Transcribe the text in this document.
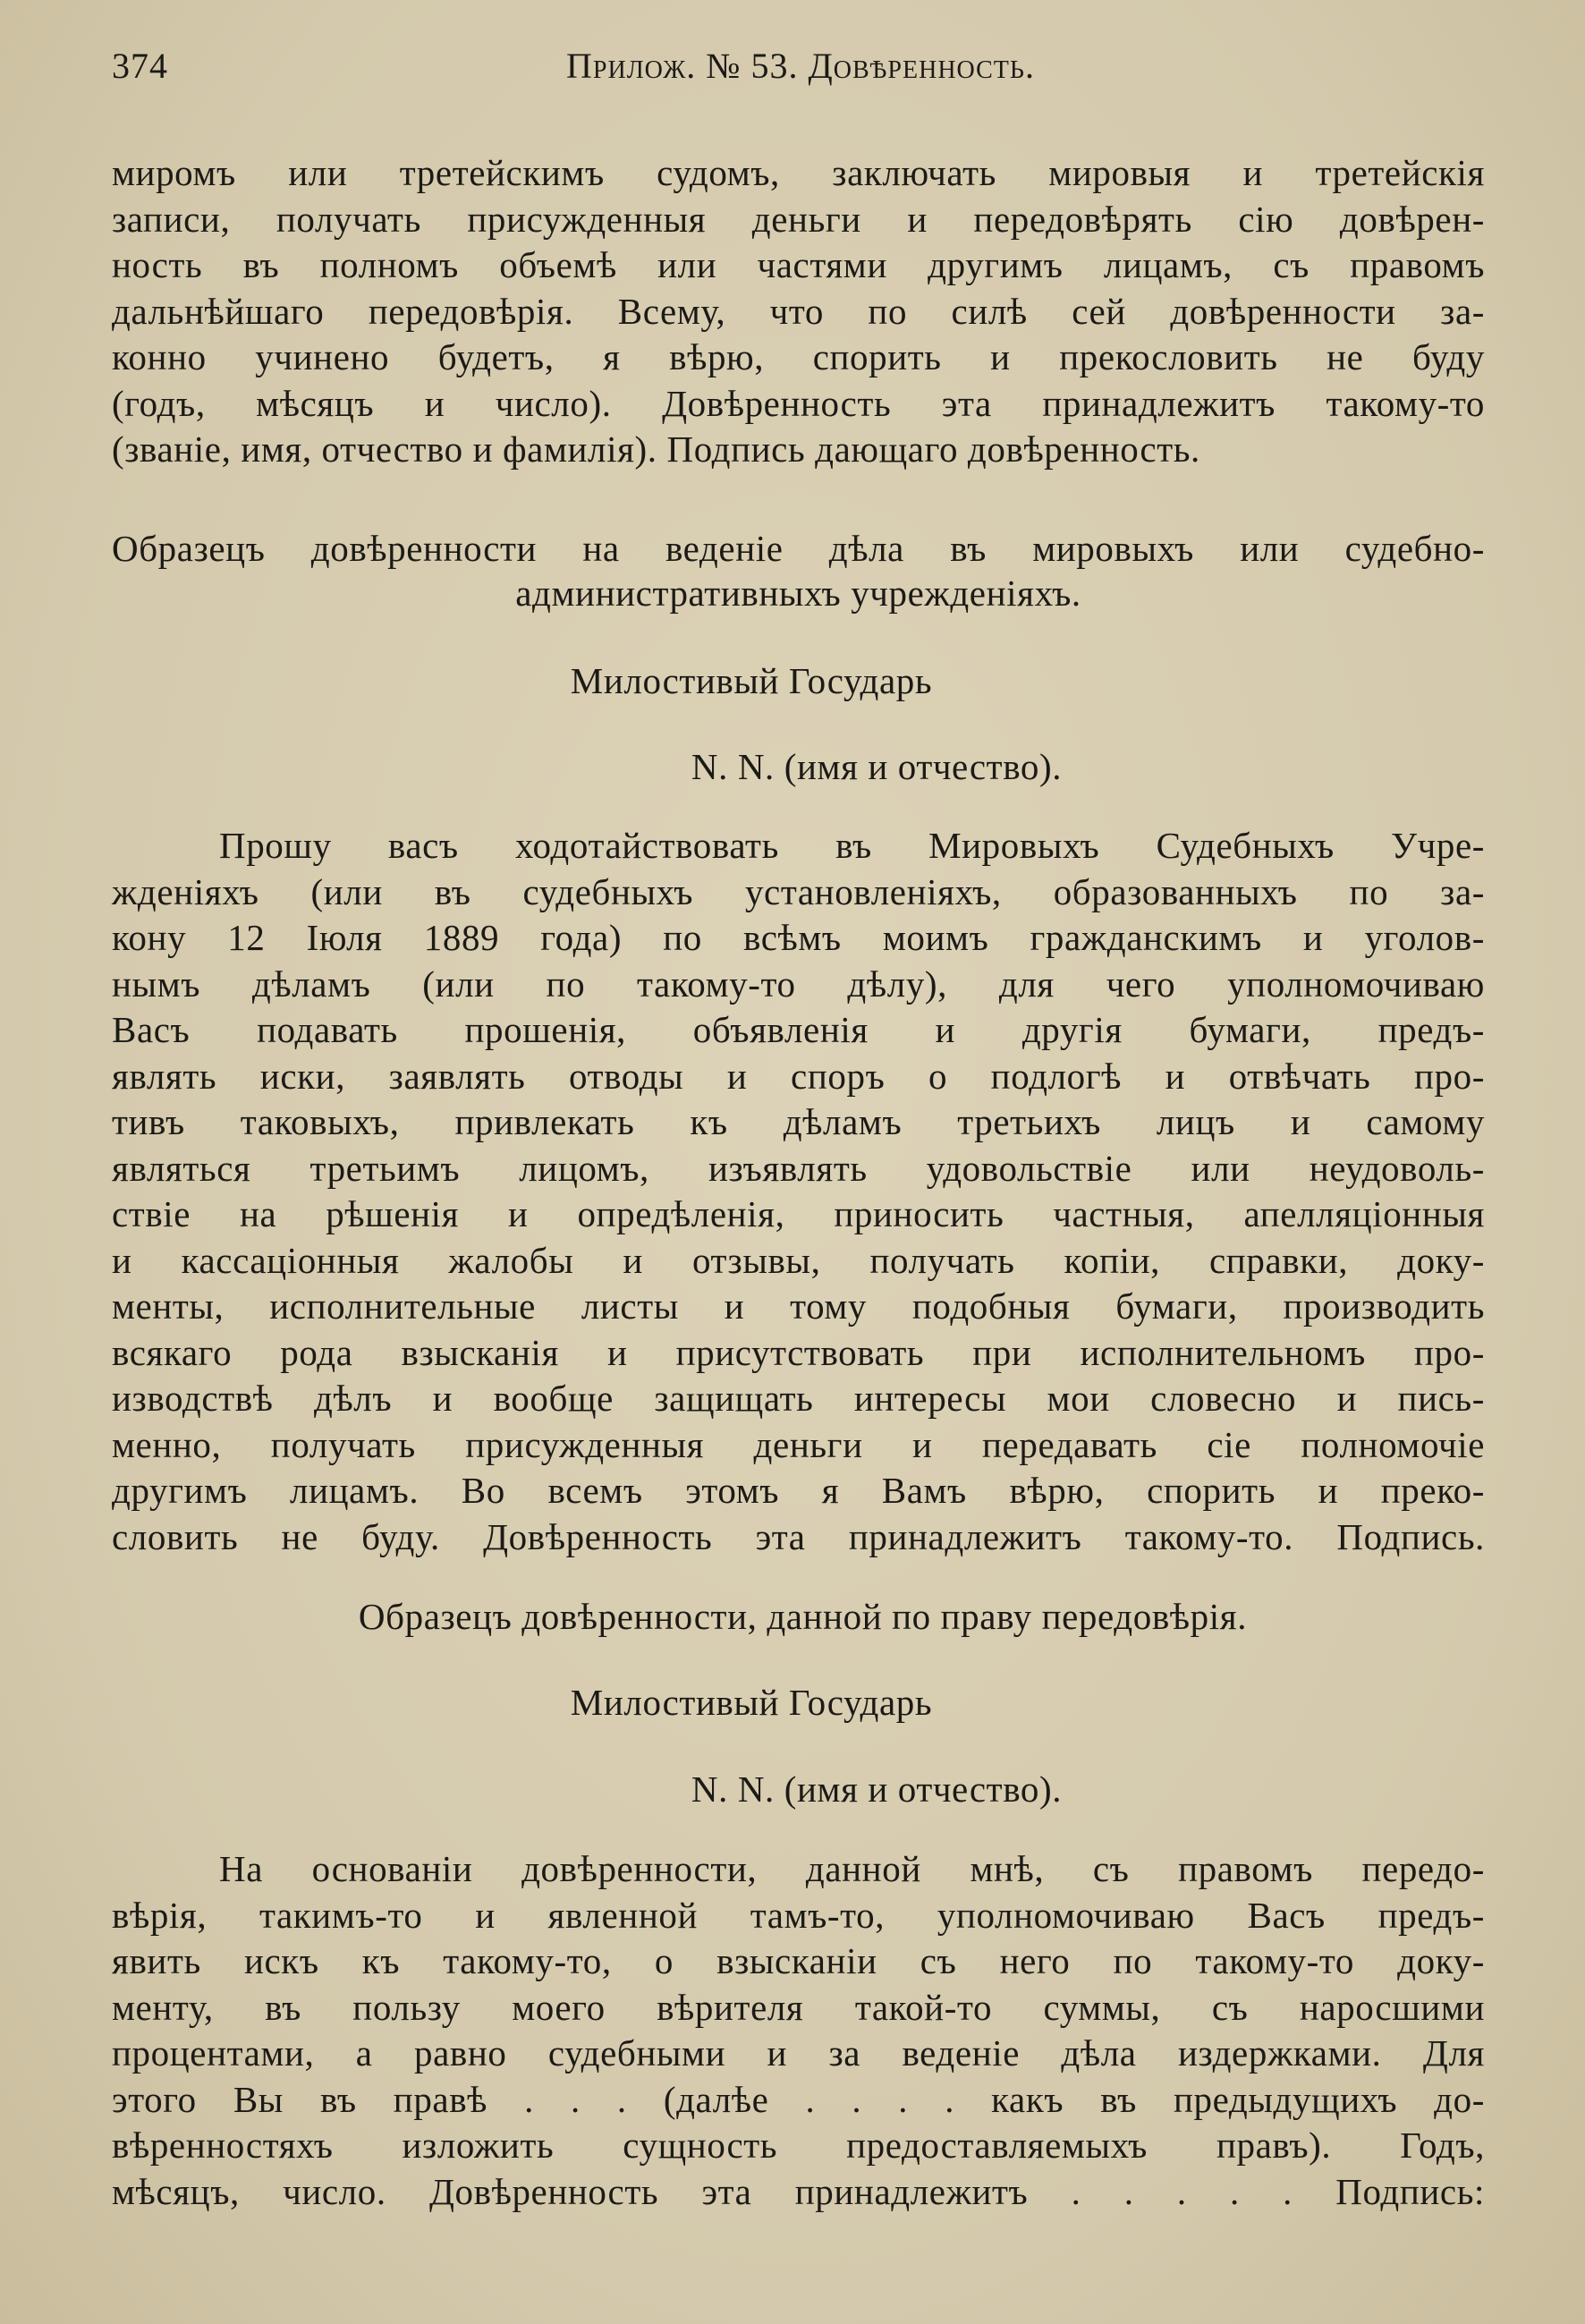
374	Прилож. № 53. Довѣренность.

миромъ или третейскимъ судомъ, заключать мировыя и третейскія

записи, получать присужденныя деньги и передовѣрять сію довѣрен-

ность въ полномъ объемѣ или частями другимъ лицамъ, съ правомъ

дальнѣйшаго передовѣрія. Всему, что по силѣ сей довѣренности за-

конно учинено будетъ, я вѣрю, спорить и прекословить не буду

(годъ, мѣсяцъ и число). Довѣренность эта принадлежитъ такому-то

(званіе, имя, отчество и фамилія). Подпись дающаго довѣренность.

Образецъ довѣренности на веденіе дѣла въ мировыхъ или судебно-

административныхъ учрежденіяхъ.
Милостивый Государь
N. N. (имя и отчество).

Прошу васъ ходотайствовать въ Мировыхъ Судебныхъ Учре-

жденіяхъ (или въ судебныхъ установленіяхъ, образованныхъ по за-

кону 12 Іюля 1889 года) по всѣмъ моимъ гражданскимъ и уголов-

нымъ дѣламъ (или по такому-то дѣлу), для чего уполномочиваю

Васъ подавать прошенія, объявленія и другія бумаги, предъ-

являть иски, заявлять отводы и споръ о подлогѣ и отвѣчать про-

тивъ таковыхъ, привлекать къ дѣламъ третьихъ лицъ и самому

являться третьимъ лицомъ, изъявлять удовольствіе или неудоволь-

ствіе на рѣшенія и опредѣленія, приносить частныя, апелляціонныя

и кассаціонныя жалобы и отзывы, получать копіи, справки, доку-

менты, исполнительные листы и тому подобныя бумаги, производить

всякаго рода взысканія и присутствовать при исполнительномъ про-

изводствѣ дѣлъ и вообще защищать интересы мои словесно и пись-

менно, получать присужденныя деньги и передавать сіе полномочіе

другимъ лицамъ. Во всемъ этомъ я Вамъ вѣрю, спорить и преко-

словить не буду. Довѣренность эта принадлежитъ такому-то. Подпись.

Образецъ довѣренности, данной по праву передовѣрія.
Милостивый Государь
N. N. (имя и отчество).

На основаніи довѣренности, данной мнѣ, съ правомъ передо-

вѣрія, такимъ-то и явленной тамъ-то, уполномочиваю Васъ предъ-

явить искъ къ такому-то, о взысканіи съ него по такому-то доку-

менту, въ пользу моего вѣрителя такой-то суммы, съ наросшими

процентами, а равно судебными и за веденіе дѣла издержками. Для

этого Вы въ правѣ . . . (далѣе . . . . какъ въ предыдущихъ до-

вѣренностяхъ изложить сущность предоставляемыхъ правъ). Годъ,

мѣсяцъ, число. Довѣренность эта принадлежитъ . . . . . Подпись:
